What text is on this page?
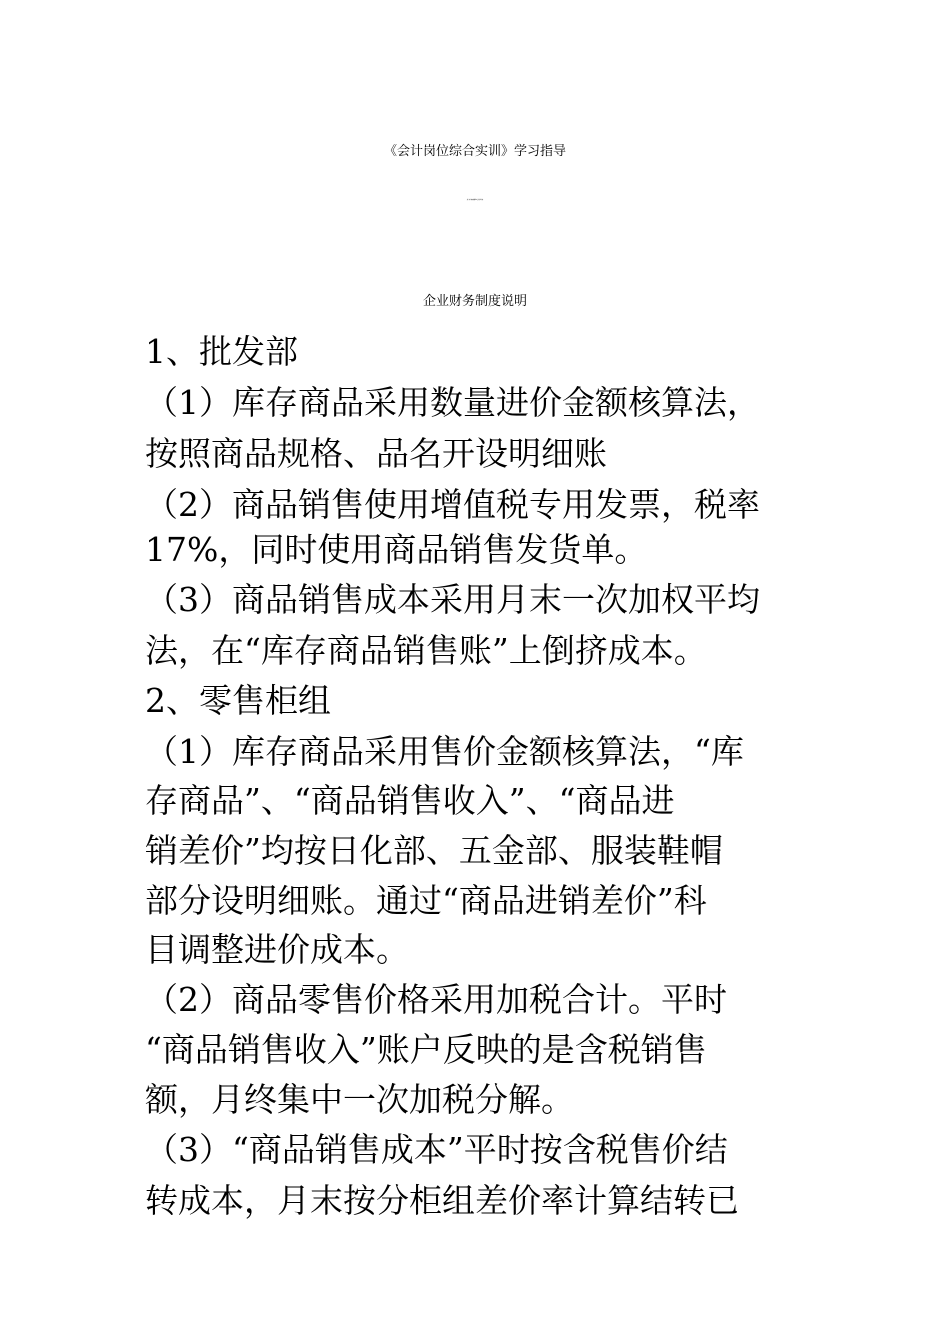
《会计岗位综合实训》学习指导
第二部分 商品流通企业会计岗位实训
企业财务制度说明
1、批发部
（1）库存商品采用数量进价金额核算法，
按照商品规格、品名开设明细账
（2）商品销售使用增值税专用发票，税率
17%，同时使用商品销售发货单。
（3）商品销售成本采用月末一次加权平均
法，在“库存商品销售账”上倒挤成本。
2、零售柜组
（1）库存商品采用售价金额核算法，“库
存商品”、“商品销售收入”、“商品进
销差价”均按日化部、五金部、服装鞋帽
部分设明细账。通过“商品进销差价”科
目调整进价成本。
（2）商品零售价格采用加税合计。平时
“商品销售收入”账户反映的是含税销售
额，月终集中一次加税分解。
（3）“商品销售成本”平时按含税售价结
转成本，月末按分柜组差价率计算结转已
